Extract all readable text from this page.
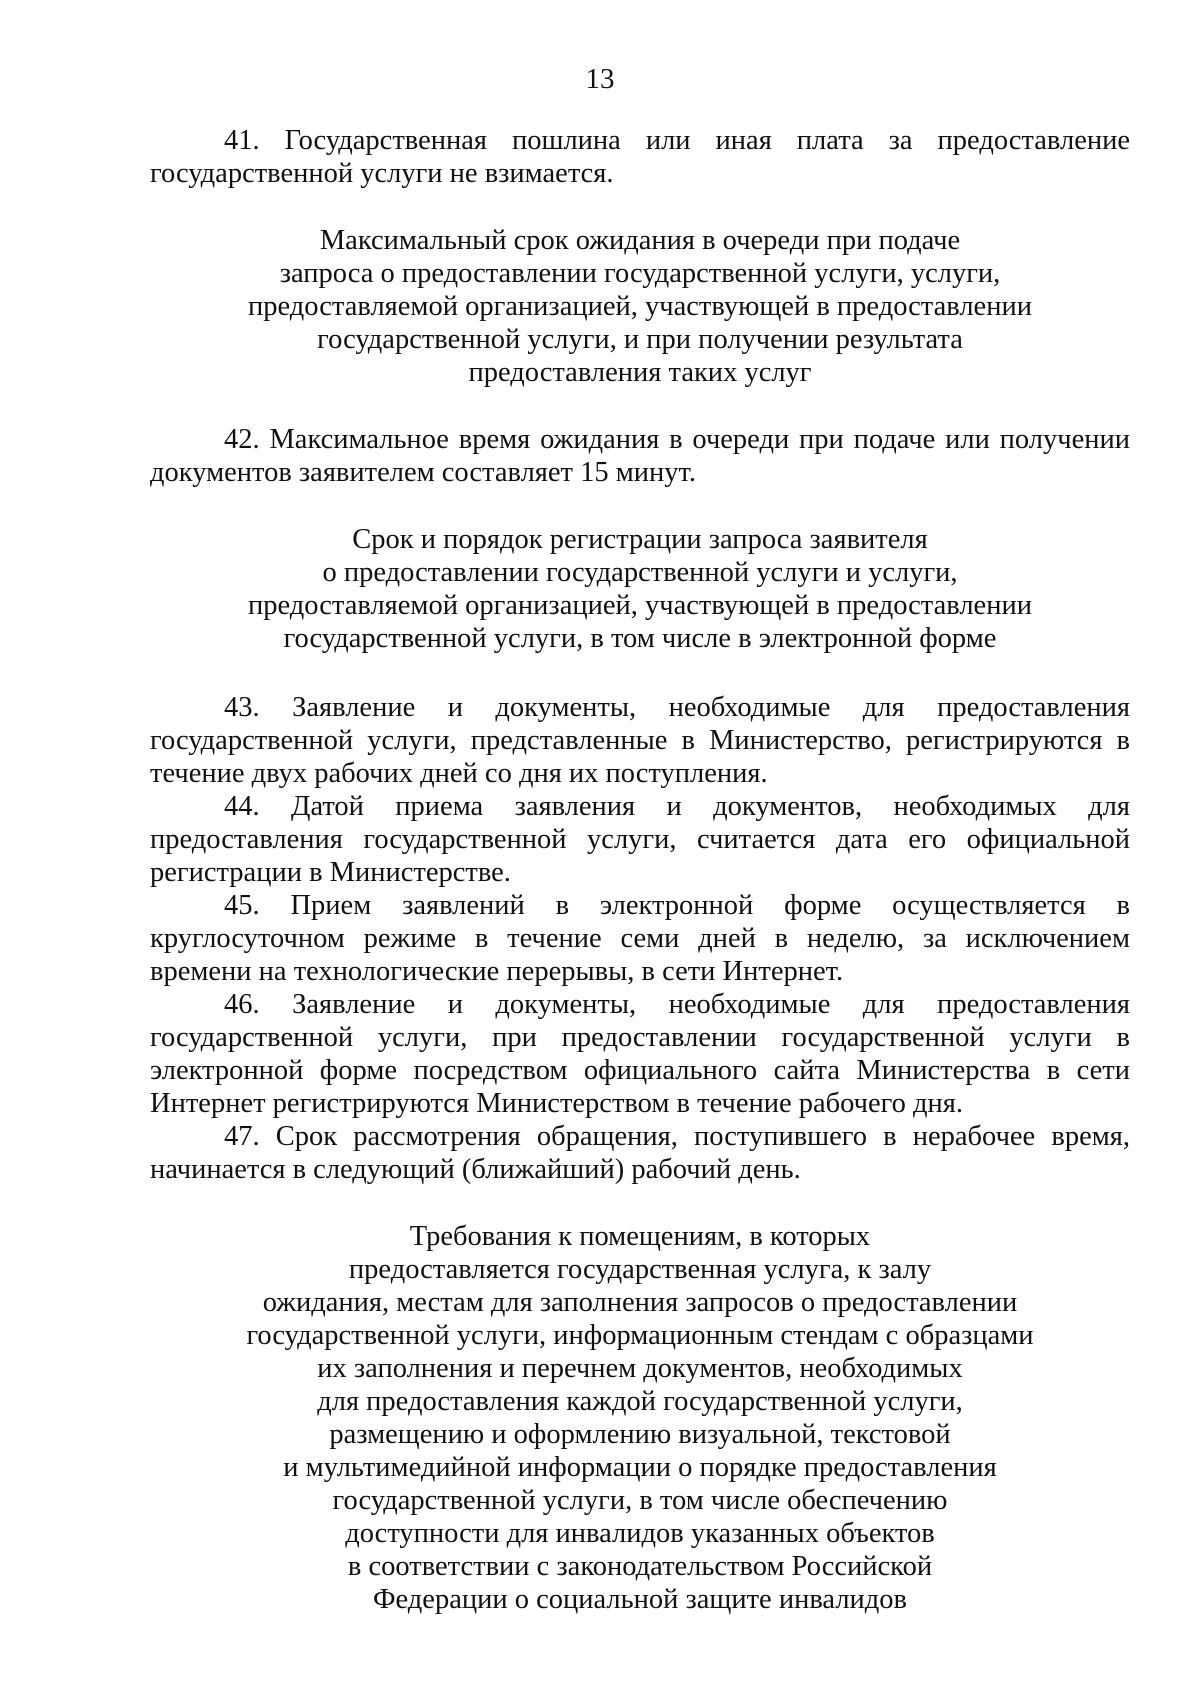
13

41. Государственная пошлина или иная плата за предоставление государственной услуги не взимается.

Максимальный срок ожидания в очереди при подаче
запроса о предоставлении государственной услуги, услуги,
предоставляемой организацией, участвующей в предоставлении
государственной услуги, и при получении результата
предоставления таких услуг

42. Максимальное время ожидания в очереди при подаче или получении документов заявителем составляет 15 минут.

Срок и порядок регистрации запроса заявителя
о предоставлении государственной услуги и услуги,
предоставляемой организацией, участвующей в предоставлении
государственной услуги, в том числе в электронной форме

43. Заявление и документы, необходимые для предоставления государственной услуги, представленные в Министерство, регистрируются в течение двух рабочих дней со дня их поступления.

44. Датой приема заявления и документов, необходимых для предоставления государственной услуги, считается дата его официальной регистрации в Министерстве.

45. Прием заявлений в электронной форме осуществляется в круглосуточном режиме в течение семи дней в неделю, за исключением времени на технологические перерывы, в сети Интернет.

46. Заявление и документы, необходимые для предоставления государственной услуги, при предоставлении государственной услуги в электронной форме посредством официального сайта Министерства в сети Интернет регистрируются Министерством в течение рабочего дня.

47. Срок рассмотрения обращения, поступившего в нерабочее время, начинается в следующий (ближайший) рабочий день.

Требования к помещениям, в которых
предоставляется государственная услуга, к залу
ожидания, местам для заполнения запросов о предоставлении
государственной услуги, информационным стендам с образцами
их заполнения и перечнем документов, необходимых
для предоставления каждой государственной услуги,
размещению и оформлению визуальной, текстовой
и мультимедийной информации о порядке предоставления
государственной услуги, в том числе обеспечению
доступности для инвалидов указанных объектов
в соответствии с законодательством Российской
Федерации о социальной защите инвалидов
